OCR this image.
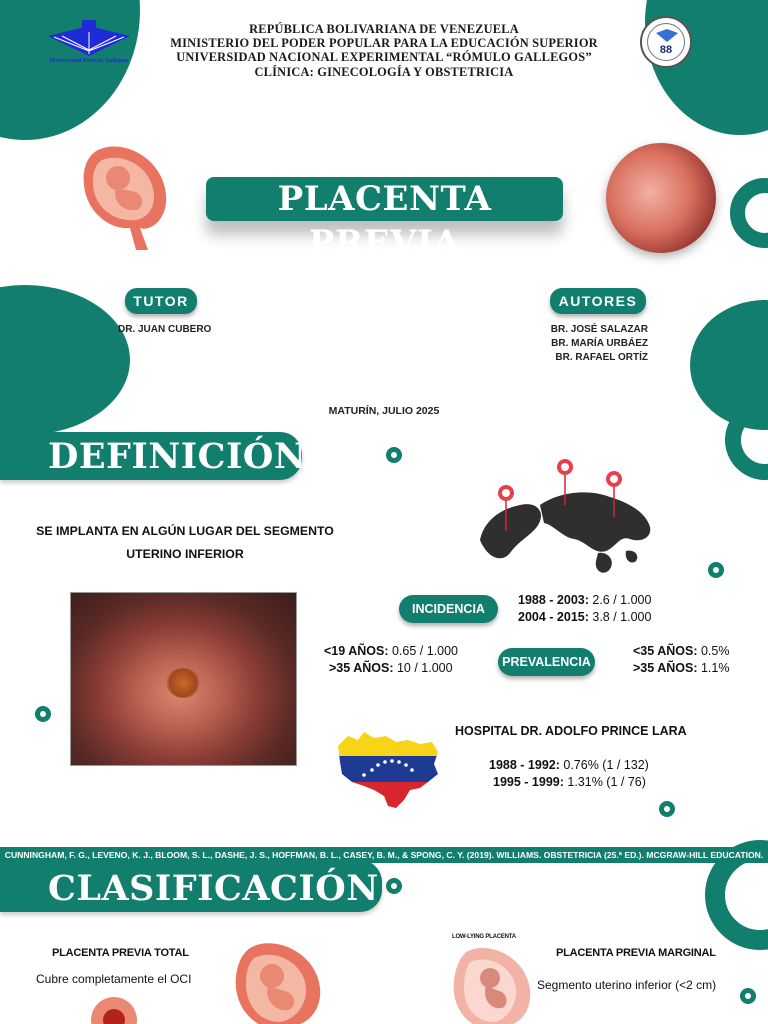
Universidad Rómulo Gallegos
REPÚBLICA BOLIVARIANA DE VENEZUELA
MINISTERIO DEL PODER POPULAR PARA LA EDUCACIÓN SUPERIOR
UNIVERSIDAD NACIONAL EXPERIMENTAL “RÓMULO GALLEGOS”
CLÍNICA: GINECOLOGÍA Y OBSTETRICIA
88
PLACENTA PREVIA
TUTOR
DR. JUAN CUBERO
AUTORES
BR. JOSÉ SALAZAR
BR. MARÍA URBÁEZ
BR. RAFAEL ORTÍZ
MATURÍN, JULIO 2025
DEFINICIÓN
SE IMPLANTA EN ALGÚN LUGAR DEL SEGMENTO
UTERINO INFERIOR
INCIDENCIA
1988 - 2003: 2.6 / 1.000
2004 - 2015: 3.8 / 1.000
<19 AÑOS: 0.65 / 1.000
>35 AÑOS: 10 / 1.000	PREVALENCIA
<35 AÑOS: 0.5%
>35 AÑOS: 1.1%
HOSPITAL DR. ADOLFO PRINCE LARA
1988 - 1992: 0.76% (1 / 132)
1995 - 1999: 1.31% (1 / 76)
CUNNINGHAM, F. G., LEVENO, K. J., BLOOM, S. L., DASHE, J. S., HOFFMAN, B. L., CASEY, B. M., & SPONG, C. Y. (2019). WILLIAMS. OBSTETRICIA (25.ª ED.). MCGRAW-HILL EDUCATION.
CLASIFICACIÓN
PLACENTA PREVIA TOTAL
Cubre completamente el OCI
LOW-LYING PLACENTA
PLACENTA PREVIA MARGINAL
Segmento uterino inferior (<2 cm)
